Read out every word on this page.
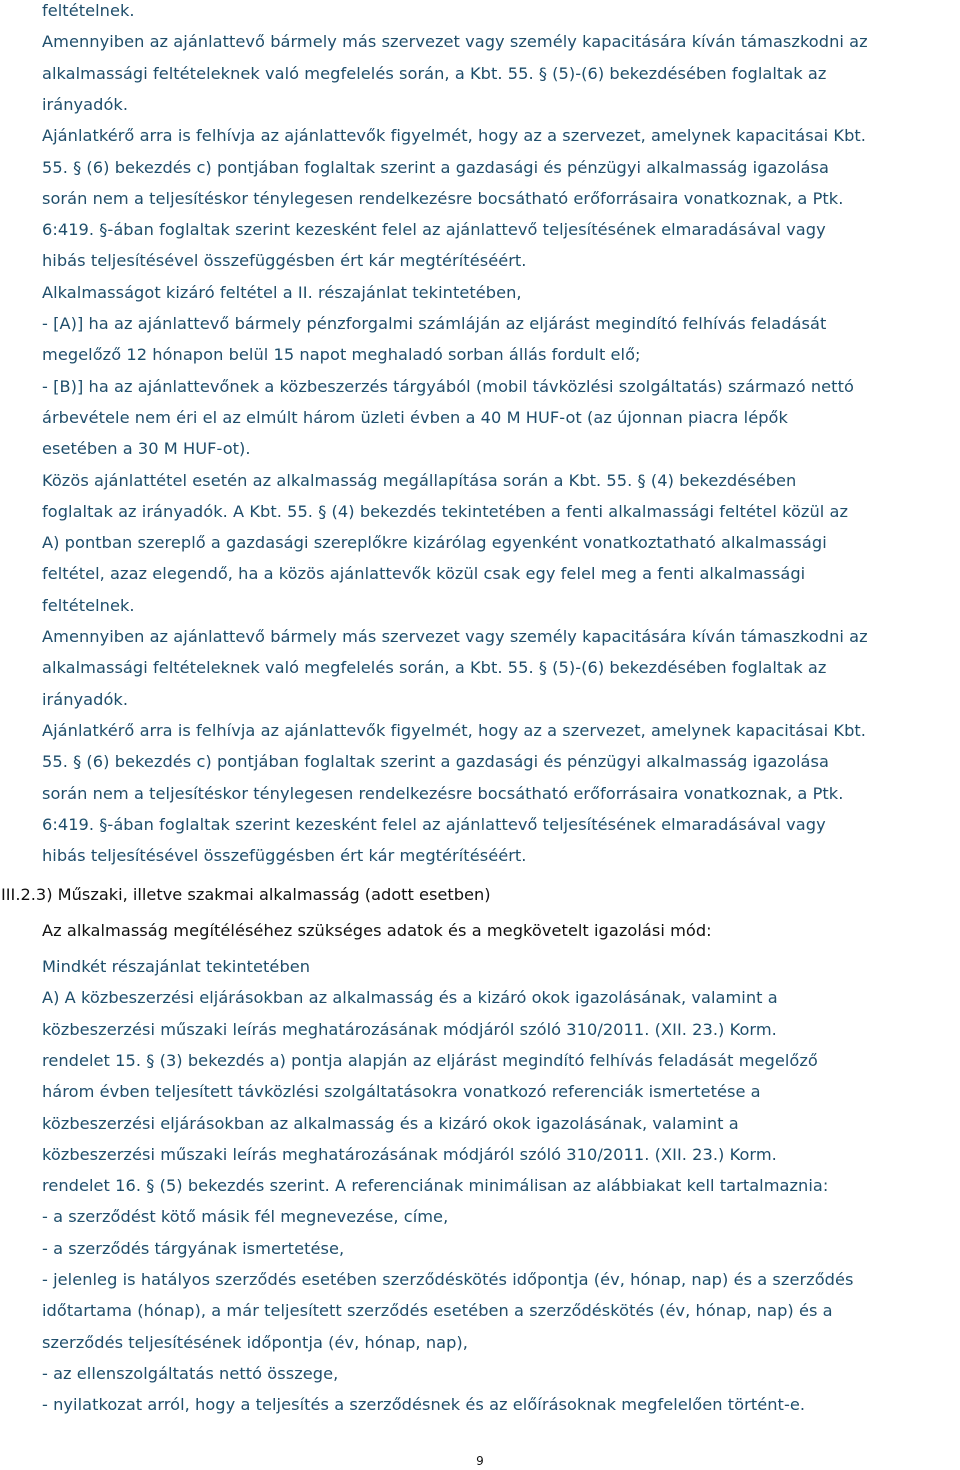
feltételnek.
Amennyiben az ajánlattevő bármely más szervezet vagy személy kapacitására kíván támaszkodni az
alkalmassági feltételeknek való megfelelés során, a Kbt. 55. § (5)-(6) bekezdésében foglaltak az
irányadók.
Ajánlatkérő arra is felhívja az ajánlattevők figyelmét, hogy az a szervezet, amelynek kapacitásai Kbt.
55. § (6) bekezdés c) pontjában foglaltak szerint a gazdasági és pénzügyi alkalmasság igazolása
során nem a teljesítéskor ténylegesen rendelkezésre bocsátható erőforrásaira vonatkoznak, a Ptk.
6:419. §-ában foglaltak szerint kezesként felel az ajánlattevő teljesítésének elmaradásával vagy
hibás teljesítésével összefüggésben ért kár megtérítéséért.
Alkalmasságot kizáró feltétel a II. részajánlat tekintetében,
- [A)] ha az ajánlattevő bármely pénzforgalmi számláján az eljárást megindító felhívás feladását
megelőző 12 hónapon belül 15 napot meghaladó sorban állás fordult elő;
- [B)] ha az ajánlattevőnek a közbeszerzés tárgyából (mobil távközlési szolgáltatás) származó nettó
árbevétele nem éri el az elmúlt három üzleti évben a 40 M HUF-ot (az újonnan piacra lépők
esetében a 30 M HUF-ot).
Közös ajánlattétel esetén az alkalmasság megállapítása során a Kbt. 55. § (4) bekezdésében
foglaltak az irányadók. A Kbt. 55. § (4) bekezdés tekintetében a fenti alkalmassági feltétel közül az
A) pontban szereplő a gazdasági szereplőkre kizárólag egyenként vonatkoztatható alkalmassági
feltétel, azaz elegendő, ha a közös ajánlattevők közül csak egy felel meg a fenti alkalmassági
feltételnek.
Amennyiben az ajánlattevő bármely más szervezet vagy személy kapacitására kíván támaszkodni az
alkalmassági feltételeknek való megfelelés során, a Kbt. 55. § (5)-(6) bekezdésében foglaltak az
irányadók.
Ajánlatkérő arra is felhívja az ajánlattevők figyelmét, hogy az a szervezet, amelynek kapacitásai Kbt.
55. § (6) bekezdés c) pontjában foglaltak szerint a gazdasági és pénzügyi alkalmasság igazolása
során nem a teljesítéskor ténylegesen rendelkezésre bocsátható erőforrásaira vonatkoznak, a Ptk.
6:419. §-ában foglaltak szerint kezesként felel az ajánlattevő teljesítésének elmaradásával vagy
hibás teljesítésével összefüggésben ért kár megtérítéséért.
III.2.3) Műszaki, illetve szakmai alkalmasság (adott esetben)
Az alkalmasság megítéléséhez szükséges adatok és a megkövetelt igazolási mód:
Mindkét részajánlat tekintetében
A) A közbeszerzési eljárásokban az alkalmasság és a kizáró okok igazolásának, valamint a
közbeszerzési műszaki leírás meghatározásának módjáról szóló 310/2011. (XII. 23.) Korm.
rendelet 15. § (3) bekezdés a) pontja alapján az eljárást megindító felhívás feladását megelőző
három évben teljesített távközlési szolgáltatásokra vonatkozó referenciák ismertetése a
közbeszerzési eljárásokban az alkalmasság és a kizáró okok igazolásának, valamint a
közbeszerzési műszaki leírás meghatározásának módjáról szóló 310/2011. (XII. 23.) Korm.
rendelet 16. § (5) bekezdés szerint. A referenciának minimálisan az alábbiakat kell tartalmaznia:
- a szerződést kötő másik fél megnevezése, címe,
- a szerződés tárgyának ismertetése,
- jelenleg is hatályos szerződés esetében szerződéskötés időpontja (év, hónap, nap) és a szerződés
időtartama (hónap), a már teljesített szerződés esetében a szerződéskötés (év, hónap, nap) és a
szerződés teljesítésének időpontja (év, hónap, nap),
- az ellenszolgáltatás nettó összege,
- nyilatkozat arról, hogy a teljesítés a szerződésnek és az előírásoknak megfelelően történt-e.
9
